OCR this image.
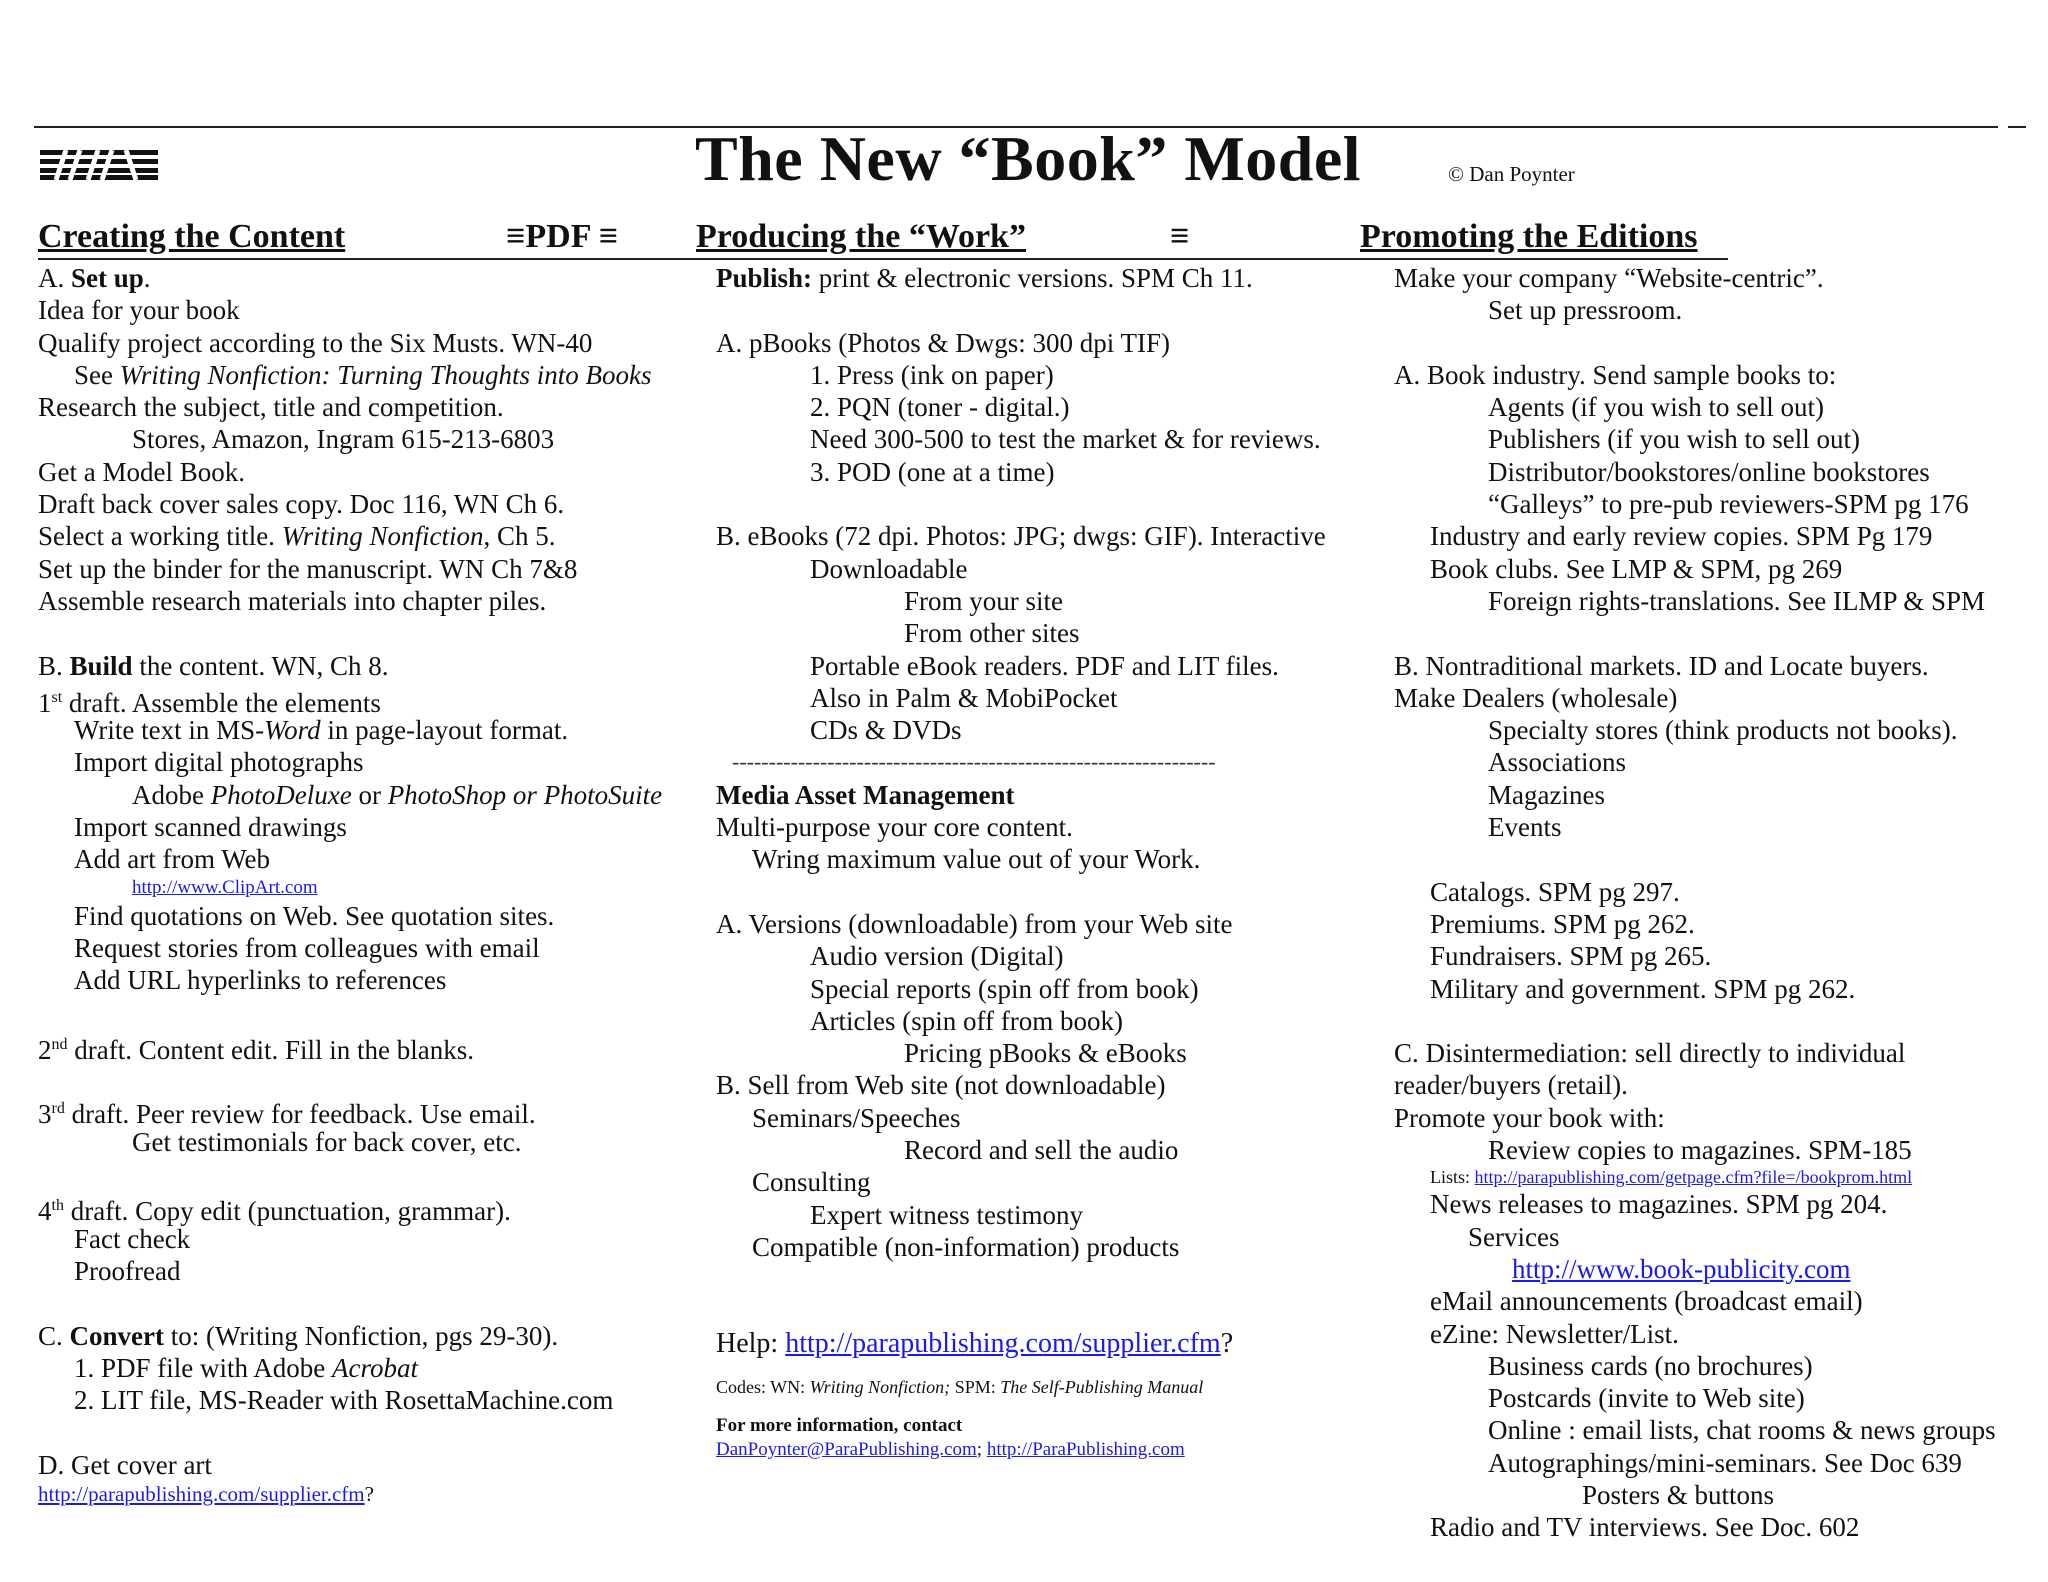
The New “Book” Model	© Dan Poynter
Creating the Content	≡PDF ≡ Producing the “Work”	≡	Promoting the Editions
A. Set up.
Idea for your book
Qualify project according to the Six Musts. WN-40
See Writing Nonfiction: Turning Thoughts into Books
Research the subject, title and competition.
Stores, Amazon, Ingram 615-213-6803
Get a Model Book.
Draft back cover sales copy. Doc 116, WN Ch 6.
Select a working title. Writing Nonfiction, Ch 5.
Set up the binder for the manuscript. WN Ch 7&8
Assemble research materials into chapter piles.
B. Build the content. WN, Ch 8.
1st draft. Assemble the elements
Write text in MS-Word in page-layout format.
Import digital photographs
Adobe PhotoDeluxe or PhotoShop or PhotoSuite
Import scanned drawings
Add art from Web
http://www.ClipArt.com
Find quotations on Web. See quotation sites.
Request stories from colleagues with email
Add URL hyperlinks to references
2nd draft. Content edit. Fill in the blanks.
3rd draft. Peer review for feedback. Use email.
Get testimonials for back cover, etc.
4th draft. Copy edit (punctuation, grammar).
Fact check
Proofread
C. Convert to: (Writing Nonfiction, pgs 29-30).
1. PDF file with Adobe Acrobat
2. LIT file, MS-Reader with RosettaMachine.com
D. Get cover art
http://parapublishing.com/supplier.cfm?
Publish: print & electronic versions. SPM Ch 11.
A. pBooks (Photos & Dwgs: 300 dpi TIF)
1. Press (ink on paper)
2. PQN (toner - digital.)
Need 300-500 to test the market & for reviews.
3. POD (one at a time)
B. eBooks (72 dpi. Photos: JPG; dwgs: GIF). Interactive
Downloadable
From your site
From other sites
Portable eBook readers. PDF and LIT files.
Also in Palm & MobiPocket
CDs & DVDs
------------------------------------------------------------------
Media Asset Management
Multi-purpose your core content.
Wring maximum value out of your Work.
A. Versions (downloadable) from your Web site
Audio version (Digital)
Special reports (spin off from book)
Articles (spin off from book)
Pricing pBooks & eBooks
B. Sell from Web site (not downloadable)
Seminars/Speeches
Record and sell the audio
Consulting
Expert witness testimony
Compatible (non-information) products
Help: http://parapublishing.com/supplier.cfm?
Codes: WN: Writing Nonfiction; SPM: The Self-Publishing Manual
For more information, contact
DanPoynter@ParaPublishing.com; http://ParaPublishing.com
Make your company “Website-centric”.
Set up pressroom.
A. Book industry. Send sample books to:
Agents (if you wish to sell out)
Publishers (if you wish to sell out)
Distributor/bookstores/online bookstores
“Galleys” to pre-pub reviewers-SPM pg 176
Industry and early review copies. SPM Pg 179
Book clubs. See LMP & SPM, pg 269
Foreign rights-translations. See ILMP & SPM
B. Nontraditional markets. ID and Locate buyers.
Make Dealers (wholesale)
Specialty stores (think products not books).
Associations
Magazines
Events
Catalogs. SPM pg 297.
Premiums. SPM pg 262.
Fundraisers. SPM pg 265.
Military and government. SPM pg 262.
C. Disintermediation: sell directly to individual
reader/buyers (retail).
Promote your book with:
Review copies to magazines. SPM-185
Lists: http://parapublishing.com/getpage.cfm?file=/bookprom.html
News releases to magazines. SPM pg 204.
Services
http://www.book-publicity.com
eMail announcements (broadcast email)
eZine: Newsletter/List.
Business cards (no brochures)
Postcards (invite to Web site)
Online : email lists, chat rooms & news groups
Autographings/mini-seminars. See Doc 639
Posters & buttons
Radio and TV interviews. See Doc. 602
